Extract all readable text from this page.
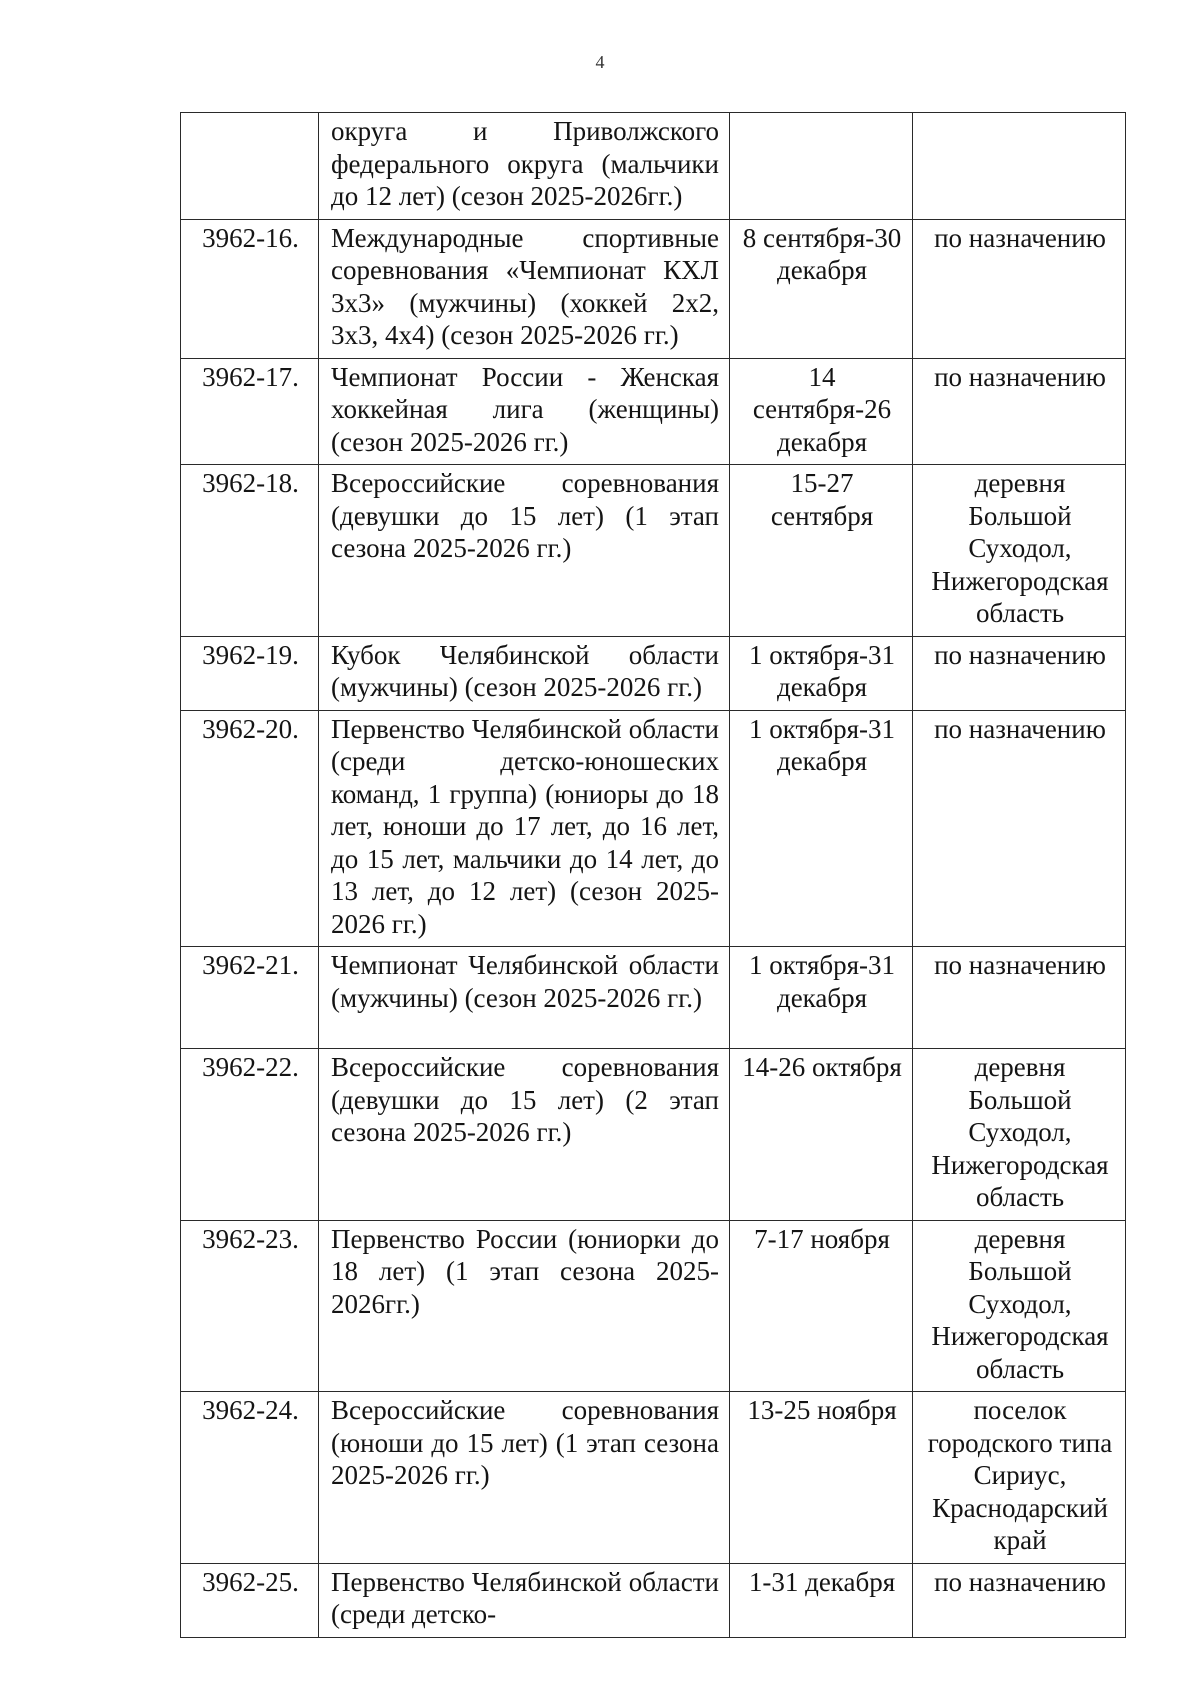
4
	округа и Приволжского федерального округа (мальчики до 12 лет) (сезон 2025-2026гг.)		
3962-16.	Международные спортивные соревнования «Чемпионат КХЛ 3x3» (мужчины) (хоккей 2x2, 3x3, 4x4) (сезон 2025-2026 гг.)	8 сентября-30 декабря	по назначению
3962-17.	Чемпионат России - Женская хоккейная лига (женщины) (сезон 2025-2026 гг.)	14 сентября-26 декабря	по назначению
3962-18.	Всероссийские соревнования (девушки до 15 лет) (1 этап сезона 2025-2026 гг.)	15-27 сентября	деревня Большой Суходол, Нижегородская область
3962-19.	Кубок Челябинской области (мужчины) (сезон 2025-2026 гг.)	1 октября-31 декабря	по назначению
3962-20.	Первенство Челябинской области (среди детско-юношеских команд, 1 группа) (юниоры до 18 лет, юноши до 17 лет, до 16 лет, до 15 лет, мальчики до 14 лет, до 13 лет, до 12 лет) (сезон 2025-2026 гг.)	1 октября-31 декабря	по назначению
3962-21.	Чемпионат Челябинской области (мужчины) (сезон 2025-2026 гг.)	1 октября-31 декабря	по назначению
3962-22.	Всероссийские соревнования (девушки до 15 лет) (2 этап сезона 2025-2026 гг.)	14-26 октября	деревня Большой Суходол, Нижегородская область
3962-23.	Первенство России (юниорки до 18 лет) (1 этап сезона 2025-2026гг.)	7-17 ноября	деревня Большой Суходол, Нижегородская область
3962-24.	Всероссийские соревнования (юноши до 15 лет) (1 этап сезона 2025-2026 гг.)	13-25 ноября	поселок городского типа Сириус, Краснодарский край
3962-25.	Первенство Челябинской области (среди детско-	1-31 декабря	по назначению
